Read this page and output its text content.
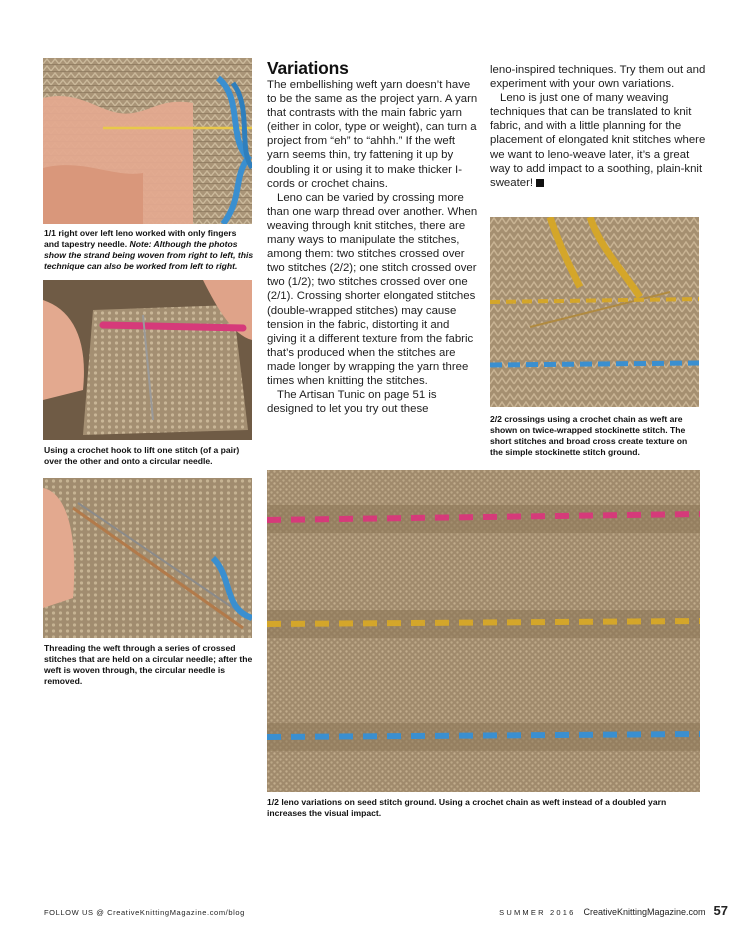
1/1 right over left leno worked with only fingers and tapestry needle. Note: Although the photos show the strand being woven from right to left, this technique can also be worked from left to right.
Using a crochet hook to lift one stitch (of a pair) over the other and onto a circular needle.
Threading the weft through a series of crossed stitches that are held on a circular needle; after the weft is woven through, the circular needle is removed.
Variations

The embellishing weft yarn doesn’t have to be the same as the project yarn. A yarn that contrasts with the main fabric yarn (either in color, type or weight), can turn a project from “eh” to “ahhh.” If the weft yarn seems thin, try fattening it up by doubling it or using it to make thicker I-cords or crochet chains.

Leno can be varied by crossing more than one warp thread over another. When weaving through knit stitches, there are many ways to manipulate the stitches, among them: two stitches crossed over two stitches (2/2); one stitch crossed over two (1/2); two stitches crossed over one (2/1). Crossing shorter elongated stitches (double-wrapped stitches) may cause tension in the fabric, distorting it and giving it a different texture from the fabric that’s produced when the stitches are made longer by wrapping the yarn three times when knitting the stitches.

The Artisan Tunic on page 51 is designed to let you try out these

leno-inspired techniques. Try them out and experiment with your own variations.

Leno is just one of many weaving techniques that can be translated to knit fabric, and with a little planning for the placement of elongated knit stitches where we want to leno-weave later, it’s a great way to add impact to a soothing, plain-knit sweater!

2/2 crossings using a crochet chain as weft are shown on twice-wrapped stockinette stitch. The short stitches and broad cross create texture on the simple stockinette stitch ground.
1/2 leno variations on seed stitch ground. Using a crochet chain as weft instead of a doubled yarn increases the visual impact.
FOLLOW US @ CreativeKnittingMagazine.com/blog	SUMMER 2016 CreativeKnittingMagazine.com 57
